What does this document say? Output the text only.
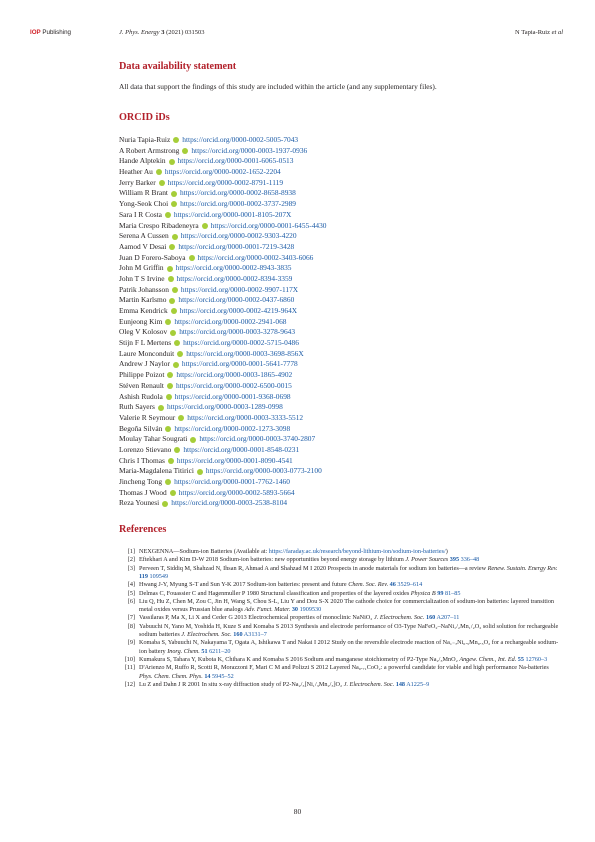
IOP Publishing	J. Phys. Energy 3 (2021) 031503	N Tapia-Ruiz et al
Data availability statement

All data that support the findings of this study are included within the article (and any supplementary files).

ORCID iDs
Nuria Tapia-Ruiz https://orcid.org/0000-0002-5005-7043
A Robert Armstrong https://orcid.org/0000-0003-1937-0936
Hande Alptekin https://orcid.org/0000-0001-6065-0513
Heather Au https://orcid.org/0000-0002-1652-2204
Jerry Barker https://orcid.org/0000-0002-8791-1119
William R Brant https://orcid.org/0000-0002-8658-8938
Yong-Seok Choi https://orcid.org/0000-0002-3737-2989
Sara I R Costa https://orcid.org/0000-0001-8105-207X
Maria Crespo Ribadeneyra https://orcid.org/0000-0001-6455-4430
Serena A Cussen https://orcid.org/0000-0002-9303-4220
Aamod V Desai https://orcid.org/0000-0001-7219-3428
Juan D Forero-Saboya https://orcid.org/0000-0002-3403-6066
John M Griffin https://orcid.org/0000-0002-8943-3835
John T S Irvine https://orcid.org/0000-0002-8394-3359
Patrik Johansson https://orcid.org/0000-0002-9907-117X
Martin Karlsmo https://orcid.org/0000-0002-0437-6860
Emma Kendrick https://orcid.org/0000-0002-4219-964X
Eunjeong Kim https://orcid.org/0000-0002-2941-068
Oleg V Kolosov https://orcid.org/0000-0003-3278-9643
Stijn F L Mertens https://orcid.org/0000-0002-5715-0486
Laure Monconduit https://orcid.org/0000-0003-3698-856X
Andrew J Naylor https://orcid.org/0000-0001-5641-7778
Philippe Poizot https://orcid.org/0000-0003-1865-4902
Stéven Renault https://orcid.org/0000-0002-6500-0015
Ashish Rudola https://orcid.org/0000-0001-9368-0698
Ruth Sayers https://orcid.org/0000-0003-1289-0998
Valerie R Seymour https://orcid.org/0000-0003-3333-5512
Begoña Silván https://orcid.org/0000-0002-1273-3098
Moulay Tahar Sougrati https://orcid.org/0000-0003-3740-2807
Lorenzo Stievano https://orcid.org/0000-0001-8548-0231
Chris I Thomas https://orcid.org/0000-0001-8090-4541
Maria-Magdalena Titirici https://orcid.org/0000-0003-0773-2100
Jincheng Tong https://orcid.org/0000-0001-7762-1460
Thomas J Wood https://orcid.org/0000-0002-5893-5664
Reza Younesi https://orcid.org/0000-0003-2538-8104
References
[1] NEXGENNA—Sodium-ion Batteries (Available at: https://faraday.ac.uk/research/beyond-lithium-ion/sodium-ion-batteries/)
[2] Eftekhari A and Kim D-W 2018 Sodium-ion batteries: new opportunities beyond energy storage by lithium J. Power Sources 395 336–48
[3] Perveen T, Siddiq M, Shahzad N, Ihsan R, Ahmad A and Shahzad M I 2020 Prospects in anode materials for sodium ion batteries—a review Renew. Sustain. Energy Rev. 119 109549
[4] Hwang J-Y, Myung S-T and Sun Y-K 2017 Sodium-ion batteries: present and future Chem. Soc. Rev. 46 3529–614
[5] Delmas C, Fouassier C and Hagenmuller P 1980 Structural classification and properties of the layered oxides Physica B 99 81–85
[6] Liu Q, Hu Z, Chen M, Zou C, Jin H, Wang S, Chou S-L, Liu Y and Dou S-X 2020 The cathode choice for commercialization of sodium-ion batteries: layered transition metal oxides versus Prussian blue analogs Adv. Funct. Mater. 30 1909530
[7] Vassilaras P, Ma X, Li X and Ceder G 2013 Electrochemical properties of monoclinic NaNiO₂ J. Electrochem. Soc. 160 A207–11
[8] Yabuuchi N, Yano M, Yoshida H, Kuze S and Komaba S 2013 Synthesis and electrode performance of O3-Type NaFeO₂–NaNi₁/₂Mn₁/₂O₂ solid solution for rechargeable sodium batteries J. Electrochem. Soc. 160 A3131–7
[9] Komaba S, Yabuuchi N, Nakayama T, Ogata A, Ishikawa T and Nakai I 2012 Study on the reversible electrode reaction of Na₁₋ₓNi₀.₅Mn₀.₅O₂ for a rechargeable sodium-ion battery Inorg. Chem. 51 6211–20
[10] Kumakura S, Tahara Y, Kubota K, Chihara K and Komaba S 2016 Sodium and manganese stoichiometry of P2-Type Na₂/₃MnO₂ Angew. Chem., Int. Ed. 55 12760–3
[11] D'Arienzo M, Ruffo R, Scotti R, Morazzoni F, Mari C M and Polizzi S 2012 Layered Na₀.₇₁CoO₂: a powerful candidate for viable and high performance Na-batteries Phys. Chem. Chem. Phys. 14 5945–52
[12] Lu Z and Dahn J R 2001 In situ x-ray diffraction study of P2-Na₂/₃[Ni₁/₃Mn₂/₃]O₂ J. Electrochem. Soc. 148 A1225–9
80
